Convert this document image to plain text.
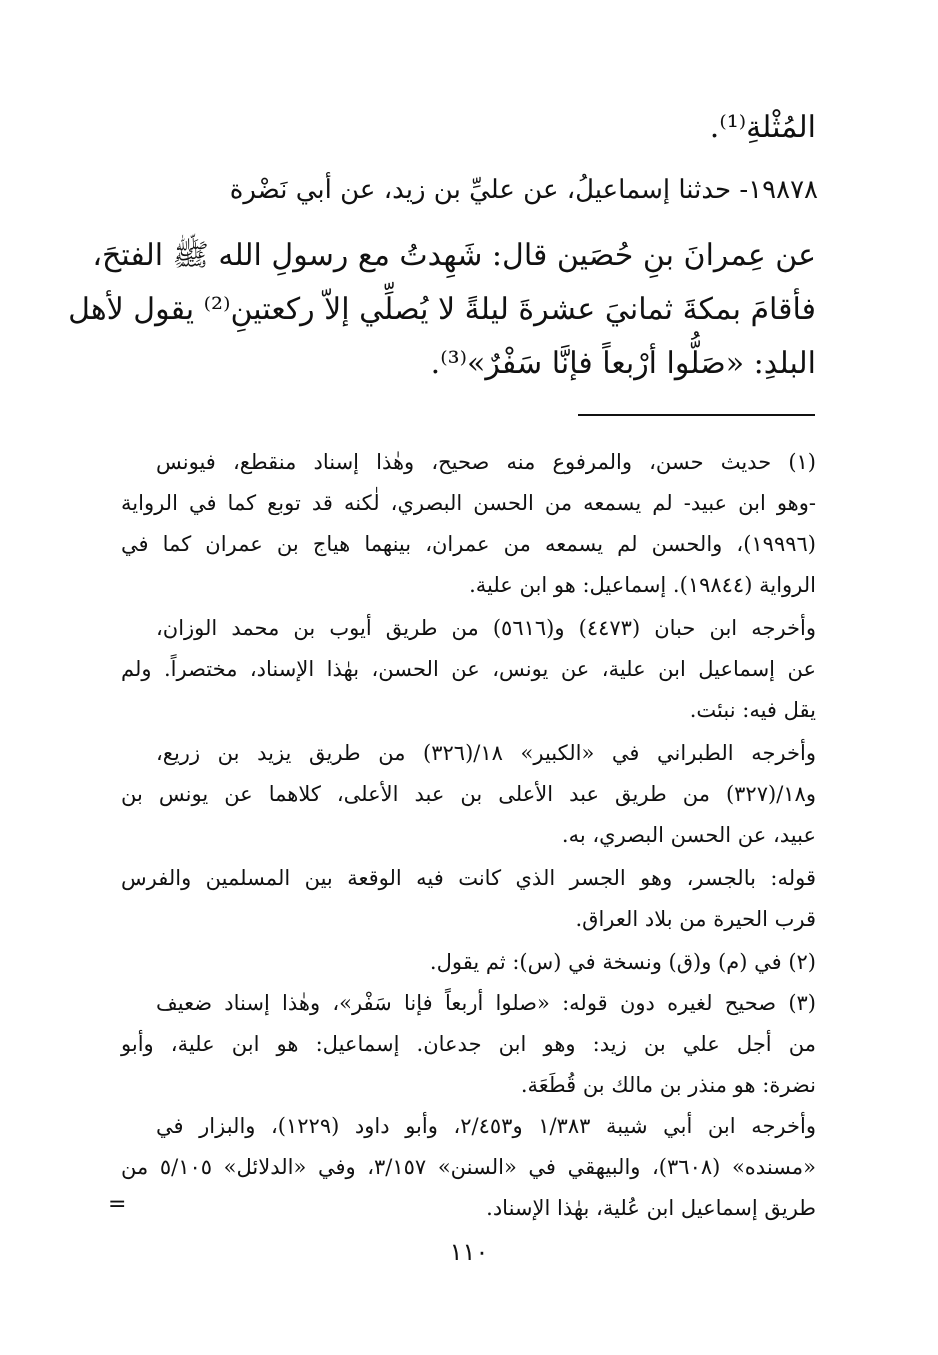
المُثْلةِ⁽¹⁾.
١٩٨٧٨- حدثنا إسماعيلُ، عن عليِّ بن زيد، عن أبي نَضْرة
عن عِمرانَ بنِ حُصَين قال: شَهِدتُ مع رسولِ الله ﷺ الفتحَ،
فأقامَ بمكةَ ثمانيَ عشرةَ ليلةً لا يُصلِّي إلاّ ركعتينِ⁽²⁾ يقول لأهل
البلدِ: «صَلُّوا أرْبعاً فإنَّا سَفْرٌ»⁽³⁾.
(١) حديث حسن، والمرفوع منه صحيح، وهٰذا إسناد منقطع، فيونس
-وهو ابن عبيد- لم يسمعه من الحسن البصري، لٰكنه قد توبع كما في الرواية
(١٩٩٩٦)، والحسن لم يسمعه من عمران، بينهما هياج بن عمران كما في
الرواية (١٩٨٤٤). إسماعيل: هو ابن علية.
وأخرجه ابن حبان (٤٤٧٣) و(٥٦١٦) من طريق أيوب بن محمد الوزان،
عن إسماعيل ابن علية، عن يونس، عن الحسن، بهٰذا الإسناد، مختصراً. ولم
يقل فيه: نبئت.
وأخرجه الطبراني في «الكبير» ١٨/(٣٢٦) من طريق يزيد بن زريع،
و١٨/(٣٢٧) من طريق عبد الأعلى بن عبد الأعلى، كلاهما عن يونس بن
عبيد، عن الحسن البصري، به.
قوله: بالجسر، وهو الجسر الذي كانت فيه الوقعة بين المسلمين والفرس
قرب الحيرة من بلاد العراق.
(٢) في (م) و(ق) ونسخة في (س): ثم يقول.
(٣) صحيح لغيره دون قوله: «صلوا أربعاً فإنا سَفْر»، وهٰذا إسناد ضعيف
من أجل علي بن زيد: وهو ابن جدعان. إسماعيل: هو ابن علية، وأبو
نضرة: هو منذر بن مالك بن قُطَعَة.
وأخرجه ابن أبي شيبة ١/٣٨٣ و٢/٤٥٣، وأبو داود (١٢٢٩)، والبزار في
«مسنده» (٣٦٠٨)، والبيهقي في «السنن» ٣/١٥٧، وفي «الدلائل» ٥/١٠٥ من
طريق إسماعيل ابن عُلية، بهٰذا الإسناد.
=
١١٠
